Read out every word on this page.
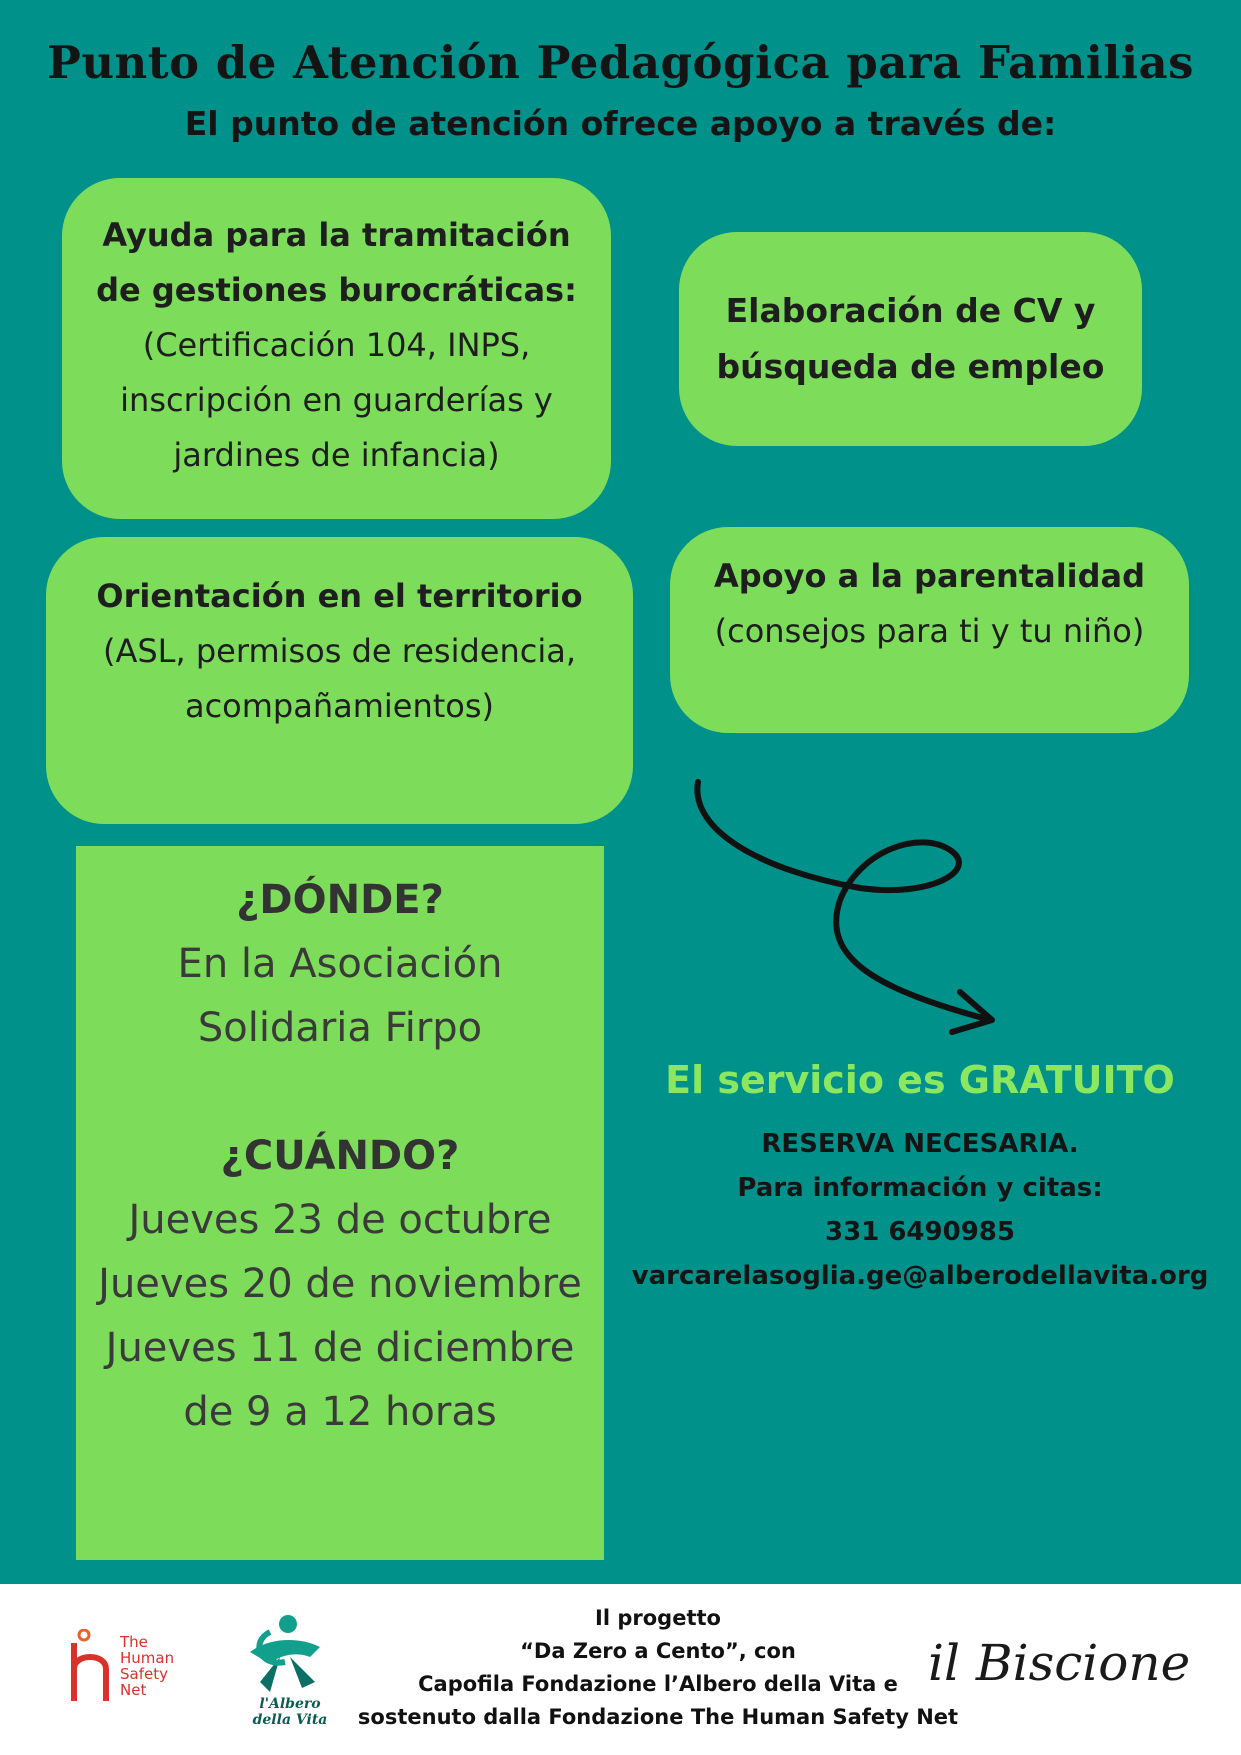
Punto de Atención Pedagógica para Familias
El punto de atención ofrece apoyo a través de:
Ayuda para la tramitación
de gestiones burocráticas:
(Certificación 104, INPS,
inscripción en guarderías y
jardines de infancia)
Elaboración de CV y
búsqueda de empleo
Orientación en el territorio
(ASL, permisos de residencia,
acompañamientos)
Apoyo a la parentalidad
(consejos para ti y tu niño)
¿DÓNDE?
En la Asociación
Solidaria Firpo
¿CUÁNDO?
Jueves 23 de octubre
Jueves 20 de noviembre
Jueves 11 de diciembre
de 9 a 12 horas
El servicio es GRATUITO
RESERVA NECESARIA.
Para información y citas:
331 6490985
varcarelasoglia.ge@alberodellavita.org
The
Human
Safety
Net
l'Albero
della Vita
Il progetto
“Da Zero a Cento”, con
Capofila Fondazione l’Albero della Vita e
sostenuto dalla Fondazione The Human Safety Net
il Biscione
